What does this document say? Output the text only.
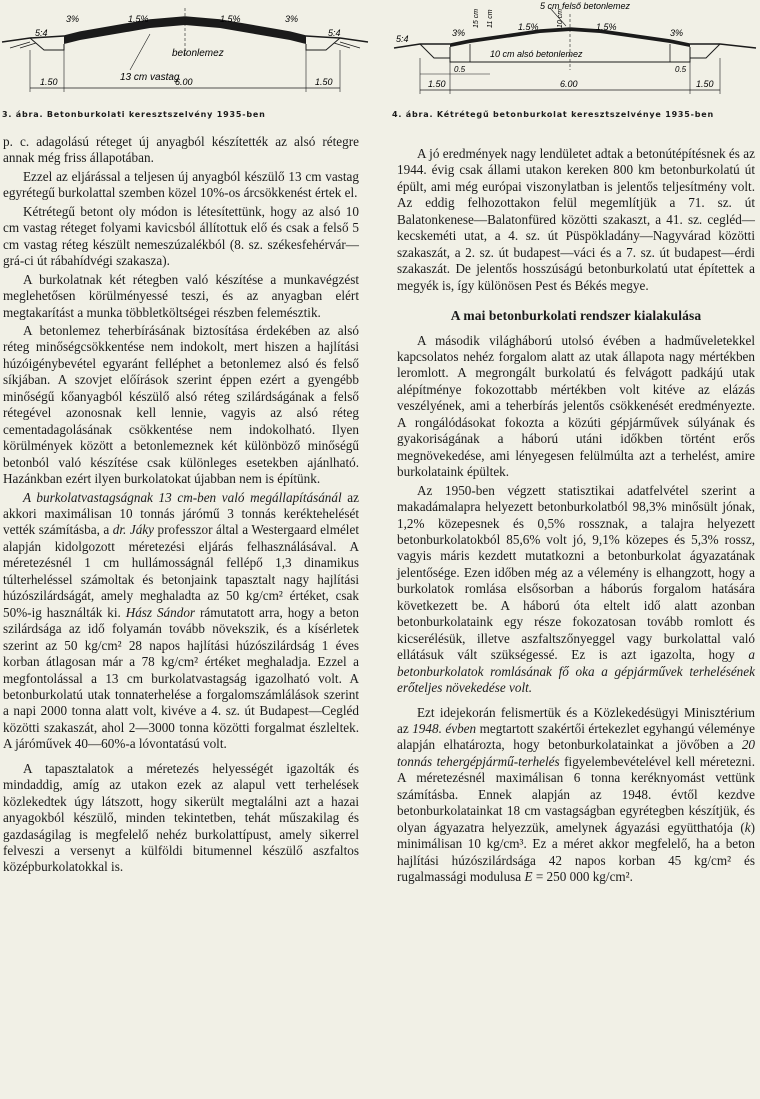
5:4
3%	1.5%	1.5%	3%
5:4
betonlemez
13 cm vastag
1.50	6.00	1.50
3. ábra. Betonburkolati keresztszelvény 1935-ben
5 cm felső betonlemez
5:4
3%
1.5%	1.5%
3%
15 cm 11 cm	10 cm
10 cm alsó betonlemez
0.5	0.5
1.50	6.00	1.50
4. ábra. Kétrétegű betonburkolat keresztszelvénye 1935-ben

p. c. adagolású réteget új anyagból készítették az alsó rétegre annak még friss állapotában.

Ezzel az eljárással a teljesen új anyagból készülő 13 cm vastag egyrétegű burkolattal szemben közel 10%-os árcsökkenést értek el.

Kétrétegű betont oly módon is létesítettünk, hogy az alsó 10 cm vastag réteget folyami kavicsból állítottuk elő és csak a felső 5 cm vastag réteg készült nemeszúzalékból (8. sz. székesfehérvár—grá-ci út rábahídvégi szakasza).

A burkolatnak két rétegben való készítése a munkavégzést meglehetősen körülményessé teszi, és az anyagban elért megtakarítást a munka többletköltségei részben felemésztik.

A betonlemez teherbírásának biztosítása érdekében az alsó réteg minőségcsökkentése nem indokolt, mert hiszen a hajlítási húzóigénybevétel egyaránt felléphet a betonlemez alsó és felső síkjában. A szovjet előírások szerint éppen ezért a gyengébb minőségű kőanyagból készülő alsó réteg szilárdságának a felső rétegével azonosnak kell lennie, vagyis az alsó réteg cementadagolásának csökkentése nem indokolható. Ilyen körülmények között a betonlemeznek két különböző minőségű betonból való készítése csak különleges esetekben ajánlható. Hazánkban ezért ilyen burkolatokat újabban nem is építünk.

A burkolatvastagságnak 13 cm-ben való megállapításánál az akkori maximálisan 10 tonnás járómű 3 tonnás keréktehelését vették számításba, a dr. Jáky professzor által a Westergaard elmélet alapján kidolgozott méretezési eljárás felhasználásával. A méretezésnél 1 cm hullámosságnál fellépő 1,3 dinamikus túlterheléssel számoltak és betonjaink tapasztalt nagy hajlítási húzószilárdságát, amely meghaladta az 50 kg/cm² értéket, csak 50%-ig használták ki. Hász Sándor rámutatott arra, hogy a beton szilárdsága az idő folyamán tovább növekszik, és a kísérletek szerint az 50 kg/cm² 28 napos hajlítási húzószilárdság 1 éves korban átlagosan már a 78 kg/cm² értéket meghaladja. Ezzel a megfontolással a 13 cm burkolatvastagság igazolható volt. A betonburkolatú utak tonnaterhelése a forgalomszámlálások szerint a napi 2000 tonna alatt volt, kivéve a 4. sz. út Budapest—Cegléd közötti szakaszát, ahol 2—3000 tonna közötti forgalmat észleltek. A járóművek 40—60%-a lóvontatású volt.

A tapasztalatok a méretezés helyességét igazolták és mindaddig, amíg az utakon ezek az alapul vett terhelések közlekedtek úgy látszott, hogy sikerült megtalálni azt a hazai anyagokból készülő, minden tekintetben, tehát műszakilag és gazdaságilag is megfelelő nehéz burkolattípust, amely sikerrel felveszi a versenyt a külföldi bitumennel készülő aszfaltos középburkolatokkal is.

A jó eredmények nagy lendületet adtak a betonútépítésnek és az 1944. évig csak állami utakon kereken 800 km betonburkolatú út épült, ami még európai viszonylatban is jelentős teljesítmény volt. Az eddig felhozottakon felül megemlítjük a 71. sz. út Balatonkenese—Balatonfüred közötti szakaszt, a 41. sz. cegléd—kecskeméti utat, a 4. sz. út Püspökladány—Nagyvárad közötti szakaszát, a 2. sz. út budapest—váci és a 7. sz. út budapest—érdi szakaszát. De jelentős hosszúságú betonburkolatú utat építettek a megyék is, így különösen Pest és Békés megye.

A mai betonburkolati rendszer kialakulása

A második világháború utolsó évében a hadműveletekkel kapcsolatos nehéz forgalom alatt az utak állapota nagy mértékben leromlott. A megrongált burkolatú és felvágott padkájú utak alépítménye fokozottabb mértékben volt kitéve az elázás veszélyének, ami a teherbírás jelentős csökkenését eredményezte. A rongálódásokat fokozta a közúti gépjárművek súlyának és gyakoriságának a háború utáni időkben történt erős megnövekedése, ami lényegesen felülmúlta azt a terhelést, amire burkolataink épültek.

Az 1950-ben végzett statisztikai adatfelvétel szerint a makadámalapra helyezett betonburkolatból 98,3% minősült jónak, 1,2% közepesnek és 0,5% rossznak, a talajra helyezett betonburkolatokból 85,6% volt jó, 9,1% közepes és 5,3% rossz, vagyis máris kezdett mutatkozni a betonburkolat ágyazatának jelentősége. Ezen időben még az a vélemény is elhangzott, hogy a burkolatok romlása elsősorban a háborús forgalom hatására következett be. A háború óta eltelt idő alatt azonban betonburkolataink egy része fokozatosan tovább romlott és kicserélésük, illetve aszfaltszőnyeggel vagy burkolattal való ellátásuk vált szükségessé. Ez is azt igazolta, hogy a betonburkolatok romlásának fő oka a gépjárművek terhelésének erőteljes növekedése volt.

Ezt idejekorán felismertük és a Közlekedésügyi Minisztérium az 1948. évben megtartott szakértői értekezlet egyhangú véleménye alapján elhatározta, hogy betonburkolatainkat a jövőben a 20 tonnás tehergépjármű-terhelés figyelembevételével kell méretezni. A méretezésnél maximálisan 6 tonna keréknyomást vettünk számításba. Ennek alapján az 1948. évtől kezdve betonburkolatainkat 18 cm vastagságban egyrétegben készítjük, és olyan ágyazatra helyezzük, amelynek ágyazási együtthatója (k) minimálisan 10 kg/cm³. Ez a méret akkor megfelelő, ha a beton hajlítási húzószilárdsága 42 napos korban 45 kg/cm² és rugalmassági modulusa E = 250 000 kg/cm².
